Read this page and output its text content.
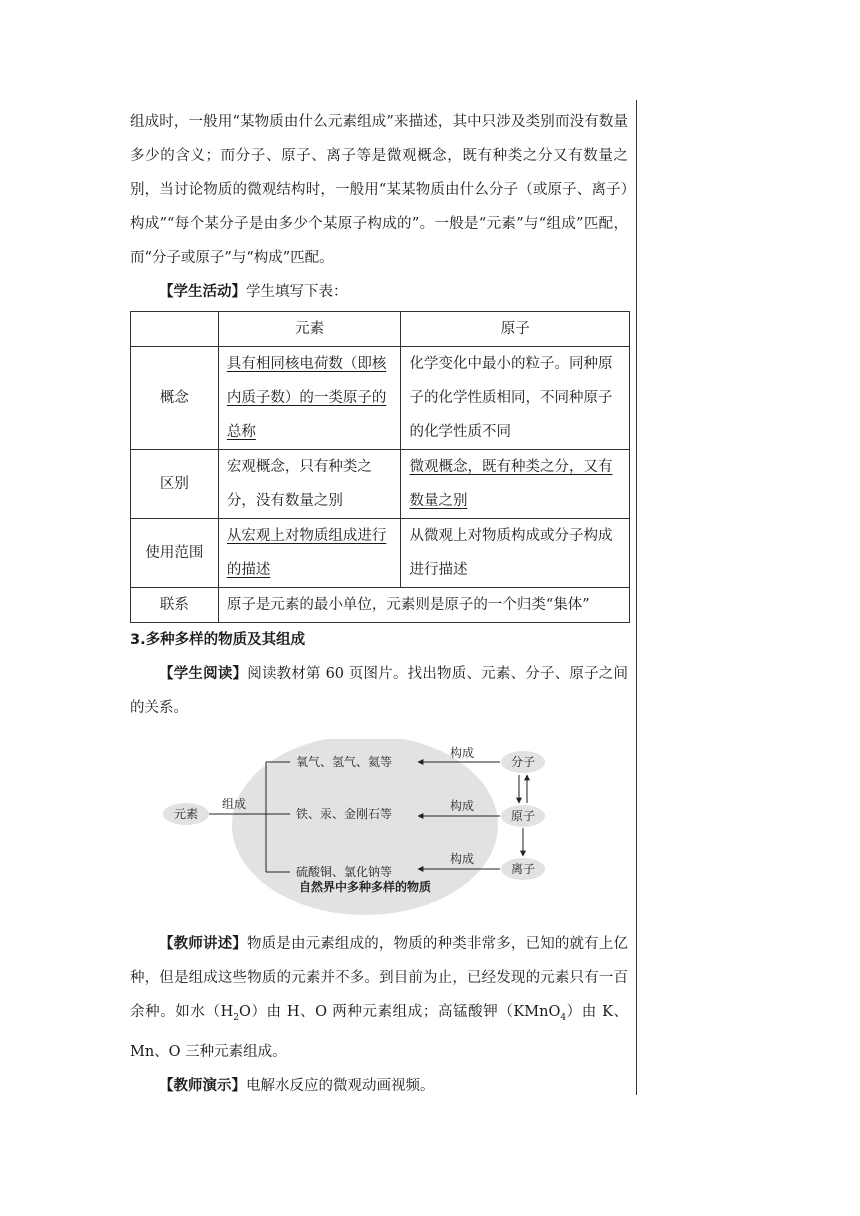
组成时，一般用“某物质由什么元素组成”来描述，其中只涉及类别而没有数量多少的含义；而分子、原子、离子等是微观概念，既有种类之分又有数量之别，当讨论物质的微观结构时，一般用“某某物质由什么分子（或原子、离子）构成”“每个某分子是由多少个某原子构成的”。一般是“元素”与“组成”匹配，而“分子或原子”与“构成”匹配。

【学生活动】学生填写下表：

	元素	原子
概念	具有相同核电荷数（即核内质子数）的一类原子的总称	化学变化中最小的粒子。同种原子的化学性质相同，不同种原子的化学性质不同
区别	宏观概念，只有种类之分，没有数量之别	微观概念，既有种类之分，又有数量之别
使用范围	从宏观上对物质组成进行的描述	从微观上对物质构成或分子构成进行描述
联系	原子是元素的最小单位，元素则是原子的一个归类“集体”	

3.多种多样的物质及其组成

【学生阅读】阅读教材第 60 页图片。找出物质、元素、分子、原子之间的关系。

元素
组成
氧气、氢气、氦等
铁、汞、金刚石等
硫酸铜、氯化钠等
分子
原子
离子
构成
构成
构成
自然界中多种多样的物质

【教师讲述】物质是由元素组成的，物质的种类非常多，已知的就有上亿种，但是组成这些物质的元素并不多。到目前为止，已经发现的元素只有一百余种。如水$(H_2O)$由 H、O 两种元素组成；高锰酸钾（KMnO$_4$）由 K、Mn、O 三种元素组成。

【教师演示】电解水反应的微观动画视频。
